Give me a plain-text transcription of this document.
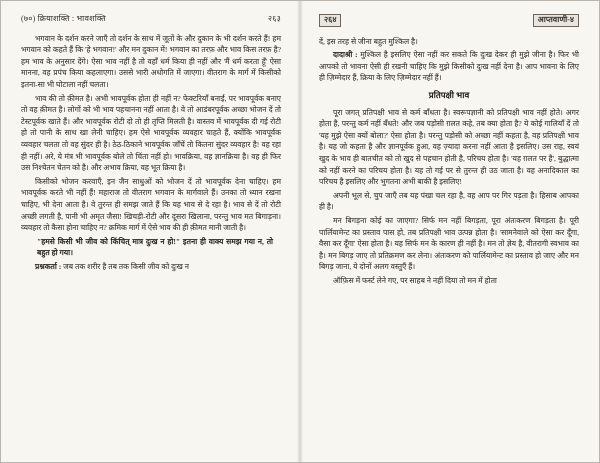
(७०) क्रियाशक्ति : भावशक्ति	२६३

भगवान के दर्शन करने जाएँ तो दर्शन के साथ में जूतों के और दुकान के भी दर्शन करते हैं! हम भगवान को कहते हैं कि 'हे भगवान!' और मन दुकान में! भगवान का तरफ़ और भाव किस तरफ़ है? हम भाव के अनुसार देंगे। ऐसा भाव नहीं है तो वहाँ धर्म किया ही नहीं और 'मैं धर्म करता हूँ' ऐसा मानना, वह प्रपंच किया कहलाएगा। उससे भारी अधोगति में जाएगा। वीतराग के मार्ग में किसीको इतना-सा भी घोटाला नहीं चलता।

भाव की तो क़ीमत है। अभी भावपूर्वक होता ही नहीं न? फेक्टरियाँ बनाईं, पर भावपूर्वक बनाए तो वह क़ीमत है। लोगों को भी भाव पहचानना नहीं आता है। वे तो आडंबरपूर्वक अच्छा भोजन दें तो टेस्टपूर्वक खाते हैं। और भावपूर्वक रोटी दो तो ही तृप्ति मिलती है। वास्तव में भावपूर्वक दी गई रोटी हो तो पानी के साथ खा लेनी चाहिए। हम ऐसे भावपूर्वक व्यवहार चाहते हैं, क्योंकि भावपूर्वक व्यवहार चलता तो वह सुंदर ही है। ठेठ-ठिकाने भावपूर्वक जाँचें तो कितना सुंदर व्यवहार है! वह रहा ही नहीं। अरे, ये मंत्र भी भावपूर्वक बोले तो चिंता नहीं हो। भावक्रिया, वह ज्ञानक्रिया है। वह ही फिर उस निश्चेतन चेतन को है। और अभाव क्रिया, वह भूत क्रिया है।

किसीको भोजन करवाएँ, इन जैन साधुओं को भोजन दें तो भावपूर्वक देना चाहिए। हम भावपूर्वक करते भी नहीं हैं! महाराज तो वीतराग भगवान के मार्गवाले हैं। उनका तो ध्यान रखना चाहिए, भी देना आता है। वे तुरन्त ही समझ जाते हैं कि यह भाव से दे रहा है। भाव से दें तो रोटी अच्छी लगती है, पानी भी अमृत जैसा! खिचड़ी-रोटी और दूसरा खिलाना, परन्तु भाव मत बिगाड़ना। व्यवहार तो कैसा होना चाहिए न? क्रमिक मार्ग में ऐसे भाव की ही क़ीमत मानी जाती है।

"हमसे किसी भी जीव को किंचित् मात्र दुःख न हो!" इतना ही वाक्य समझ गया न, तो बहुत हो गया।

प्रश्नकर्ता : जब तक शरीर है तब तक किसी जीव को दुःख न

२६४	आप्तवाणी-४

दें, इस तरह से जीना बहुत मुश्किल है।

दादाश्री : मुश्किल है इसलिए ऐसा नहीं कर सकते कि दुःख देकर ही मुझे जीना है। फिर भी आपको तो भावना ऐसी ही रखनी चाहिए कि मुझे किसीको दुःख नहीं देना है। आप भावना के लिए ही ज़िम्मेदार हैं, क्रिया के लिए ज़िम्मेदार नहीं हैं।

प्रतिपक्षी भाव

पूरा जगत् प्रतिपक्षी भाव से कर्म बाँधता है। स्वरूपज्ञानी को प्रतिपक्षी भाव नहीं होते। अगर होता है, परन्तु कर्म नहीं बँधते! और जब पड़ोसी ग़लत कहे, तब क्या होता है? ये कोई गालियाँ दें तो 'यह मुझे ऐसा क्यों बोला?' ऐसा होता है। परन्तु पड़ोसी को अच्छा नहीं कहता है, वह प्रतिपक्षी भाव है। यह जो कहता है और ज्ञानपूर्वक हुआ, वह ज़्यादा करना नहीं आता है इसलिए। उस राह, स्वयं खुद के भाव ही बातचीत को तो खुद से पहचान होती है, परिचय होता है। 'यह ग़लत पर है', बुद्धात्मा को नहीं करने का परिचय होता है। यह तो गई पर से तुरन्त ही उठ जाता है। वह अनादिकाल का परिचय है इसलिए और भुगतना अभी बाकी है इसलिए!

अपनी भूल से, चुप जाएँ तब यह पंखा चल रहा है, वह आप पर गिर पड़ता है। हिसाब आपका ही है।

मन बिगड़ना कोई का जाएगा? सिर्फ मन नहीं बिगड़ता, पूरा अंतःकरण बिगड़ता है। पूरी पार्लियामेन्ट का प्रस्ताव पास हो, तब प्रतिपक्षी भाव उत्पन्न होता है। 'सामनेवाले को ऐसा कर दूँगा, वैसा कर दूँगा' ऐसा होता है। यह सिर्फ मन के कारण ही नहीं है। मन तो ज्ञेय है, वीतरागी स्वभाव का है। मन बिगड़ जाए तो प्रतिक्रमण कर लेना। अंतःकरण को पार्लियामेन्ट का प्रस्ताव हो जाए और मन बिगड़ जाना, ये दोनों अलग वस्तुएँ हैं।

ऑफ़िस में फर्स्ट लेने गए, पर साहब ने नहीं दिया तो मन में होता
